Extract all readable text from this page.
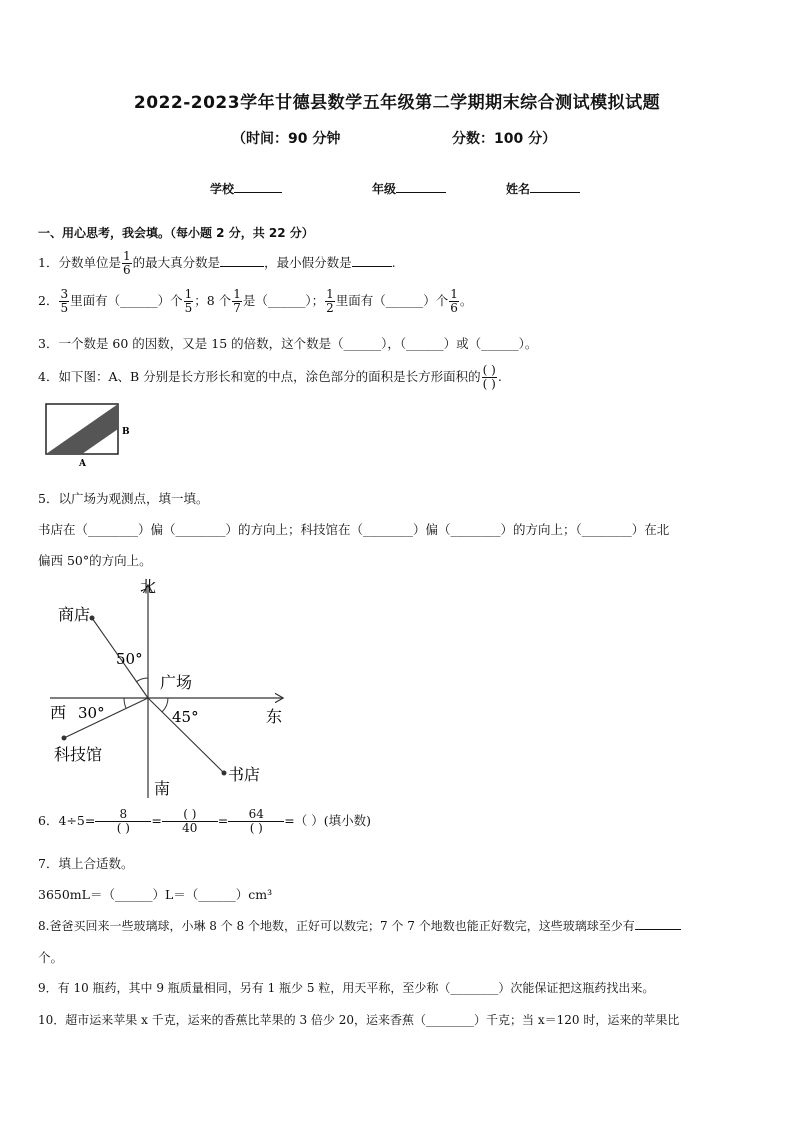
2022-2023学年甘德县数学五年级第二学期期末综合测试模拟试题
（时间：90 分钟	分数：100 分）
学校	年级	姓名
一、用心思考，我会填。（每小题 2 分，共 22 分）
1．分数单位是 $\frac{1}{6}$ 的最大真分数是	，最小假分数是	.
2． $\frac{3}{5}$ 里面有（______）个 $\frac{1}{5}$ ；8 个 $\frac{1}{7}$ 是（______）； $\frac{1}{2}$ 里面有（______）个 $\frac{1}{6}$ 。
3．一个数是 60 的因数，又是 15 的倍数，这个数是（______），（______）或（______）。
4．如下图：A、B 分别是长方形长和宽的中点，涂色部分的面积是长方形面积的 $\frac{( )}{( )}$ .
B
A
5．以广场为观测点，填一填。
书店在（________）偏（________）的方向上；科技馆在（________）偏（________）的方向上；（________）在北
偏西 50°的方向上。
北
南
东
西
广场
商店
科技馆
书店
50°
30°	45°
6．$4\div 5= \frac{8}{( )} = \frac{( )}{40} = \frac{64}{( )}$ =（ ）(填小数)
7．填上合适数。
3650mL＝（______）L＝（______）cm³
8.爸爸买回来一些玻璃球，小琳 8 个 8 个地数，正好可以数完；7 个 7 个地数也能正好数完，这些玻璃球至少有
个。
9．有 10 瓶药，其中 9 瓶质量相同，另有 1 瓶少 5 粒，用天平称，至少称（________）次能保证把这瓶药找出来。
10．超市运来苹果 x 千克，运来的香蕉比苹果的 3 倍少 20，运来香蕉（________）千克；当 x＝120 时，运来的苹果比
